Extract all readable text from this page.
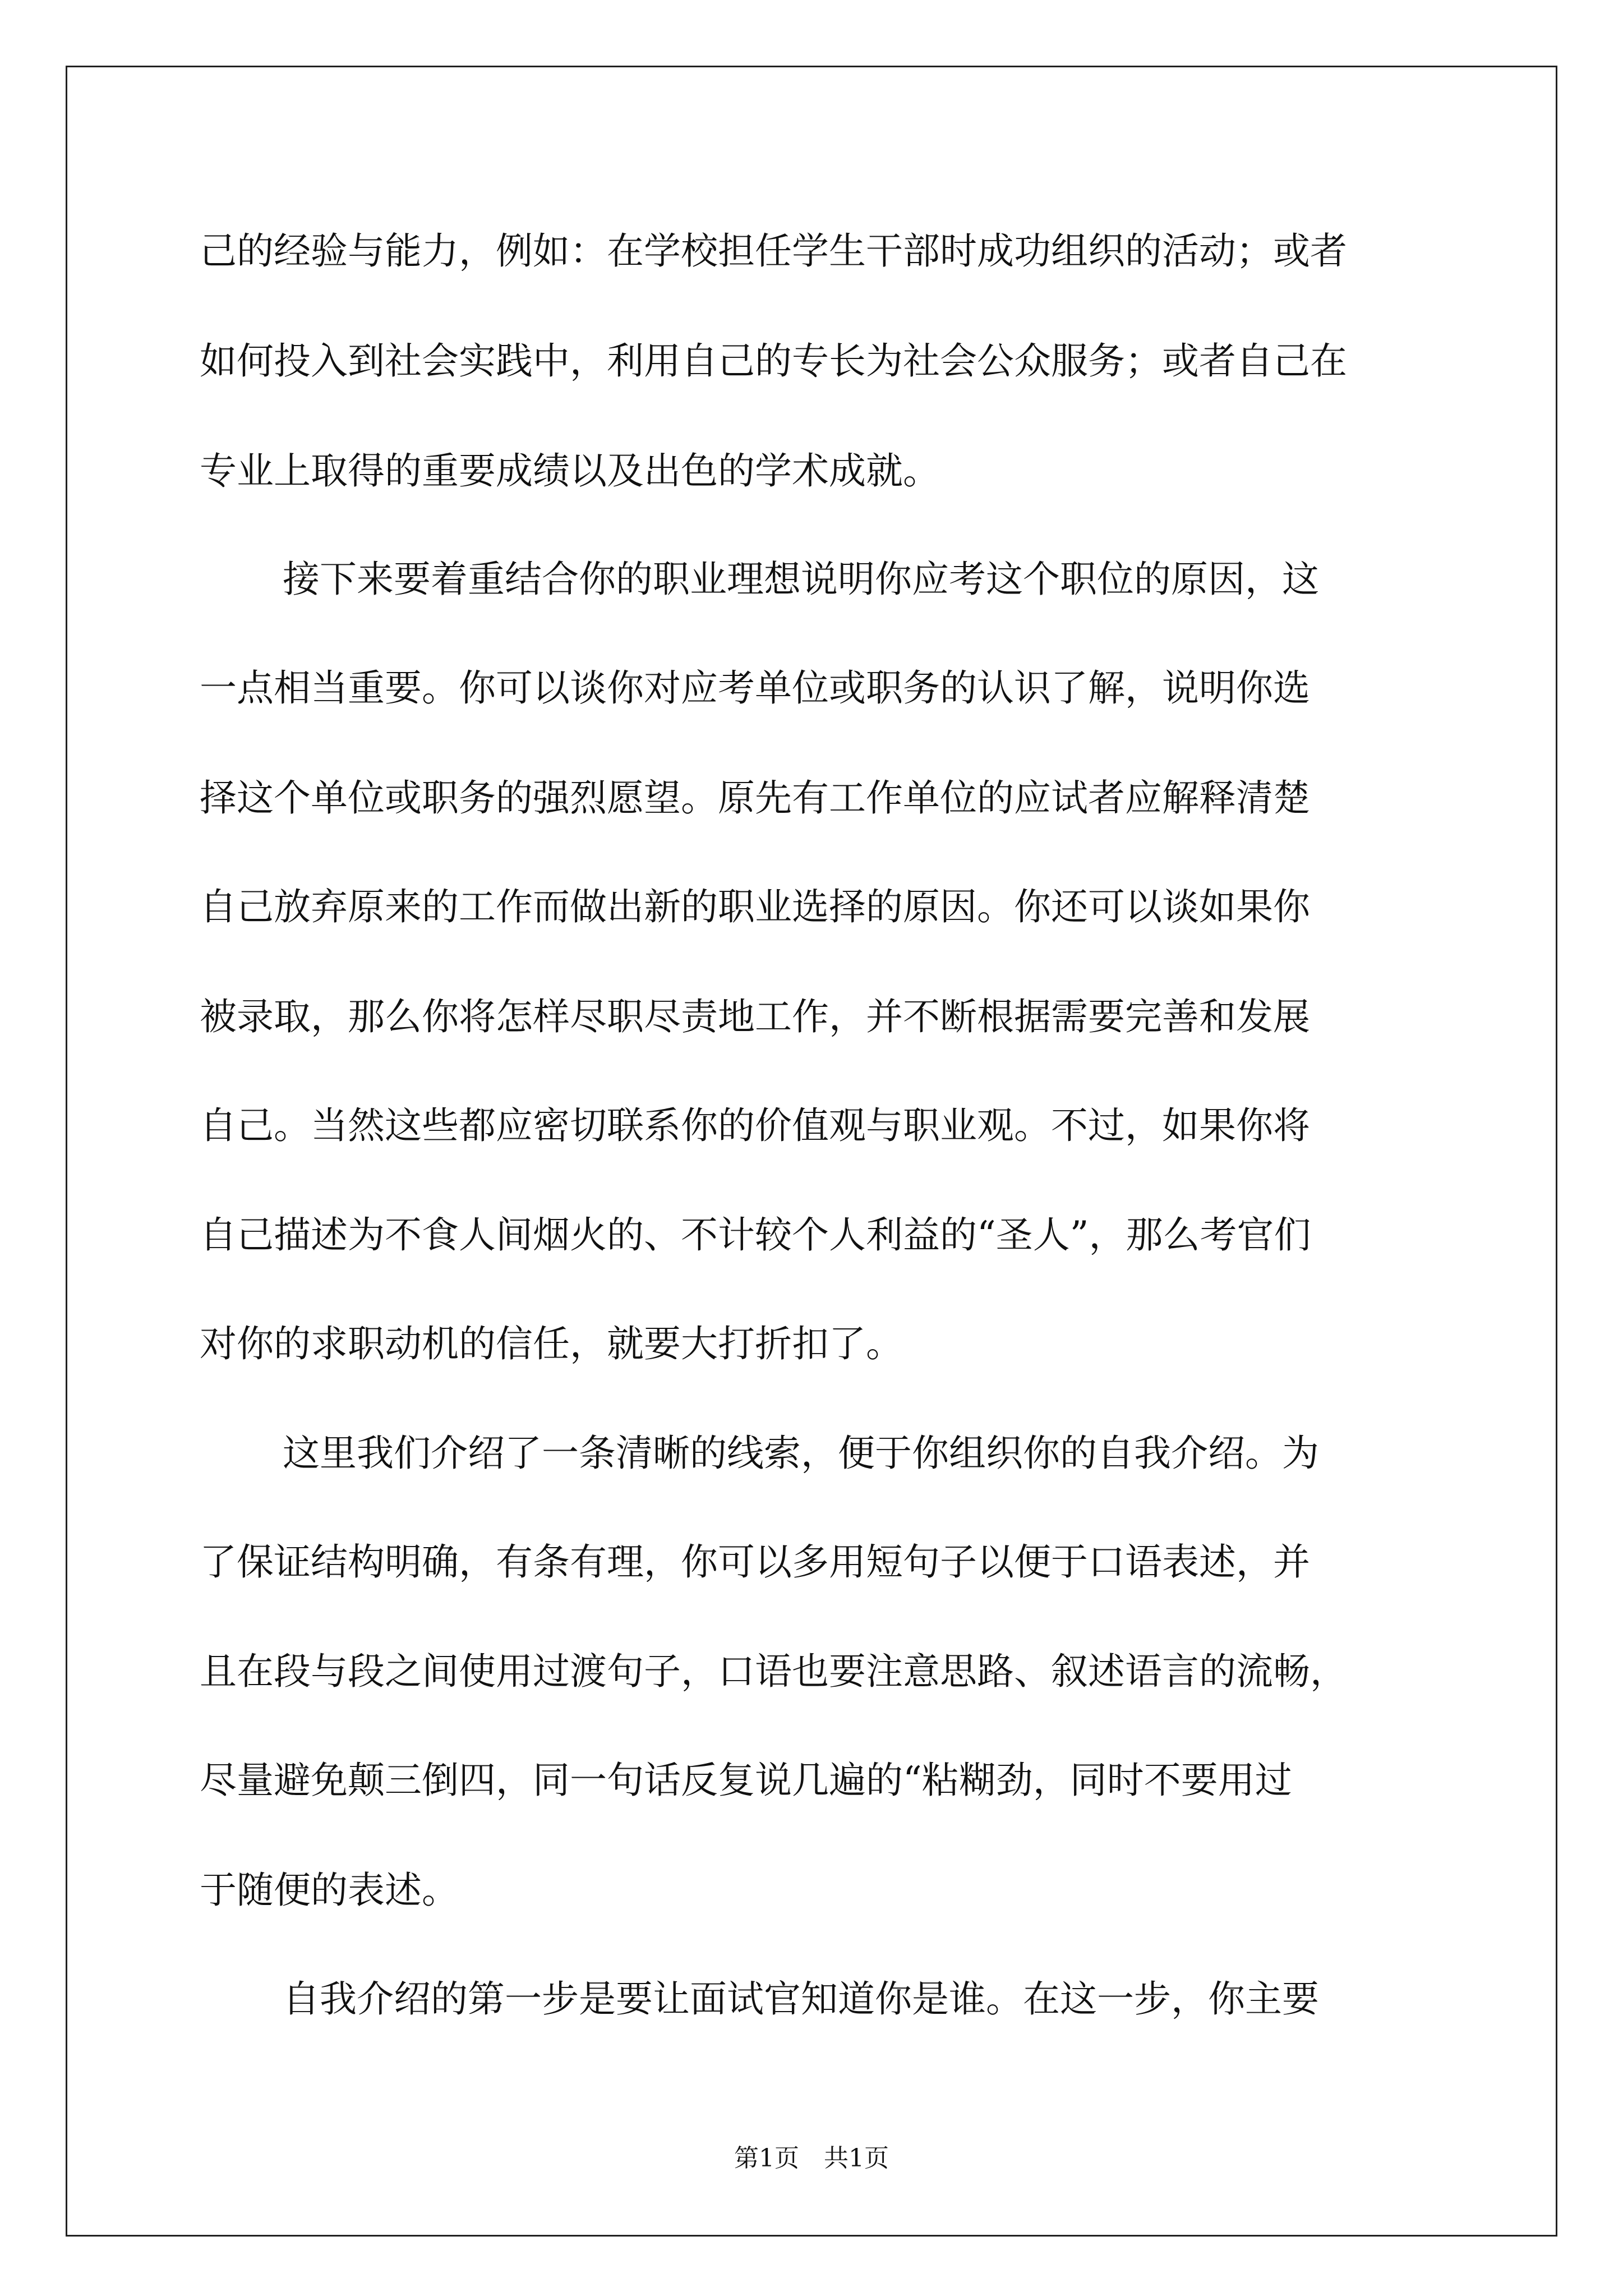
己的经验与能力，例如：在学校担任学生干部时成功组织的活动；或者
如何投入到社会实践中，利用自己的专长为社会公众服务；或者自己在
专业上取得的重要成绩以及出色的学术成就。
接下来要着重结合你的职业理想说明你应考这个职位的原因，这
一点相当重要。你可以谈你对应考单位或职务的认识了解，说明你选
择这个单位或职务的强烈愿望。原先有工作单位的应试者应解释清楚
自己放弃原来的工作而做出新的职业选择的原因。你还可以谈如果你
被录取，那么你将怎样尽职尽责地工作，并不断根据需要完善和发展
自己。当然这些都应密切联系你的价值观与职业观。不过，如果你将
自己描述为不食人间烟火的、不计较个人利益的“圣人”，那么考官们
对你的求职动机的信任，就要大打折扣了。
这里我们介绍了一条清晰的线索，便于你组织你的自我介绍。为
了保证结构明确，有条有理，你可以多用短句子以便于口语表述，并
且在段与段之间使用过渡句子，口语也要注意思路、叙述语言的流畅，
尽量避免颠三倒四，同一句话反复说几遍的“粘糊劲，同时不要用过
于随便的表述。
自我介绍的第一步是要让面试官知道你是谁。在这一步，你主要
第1页 共1页
